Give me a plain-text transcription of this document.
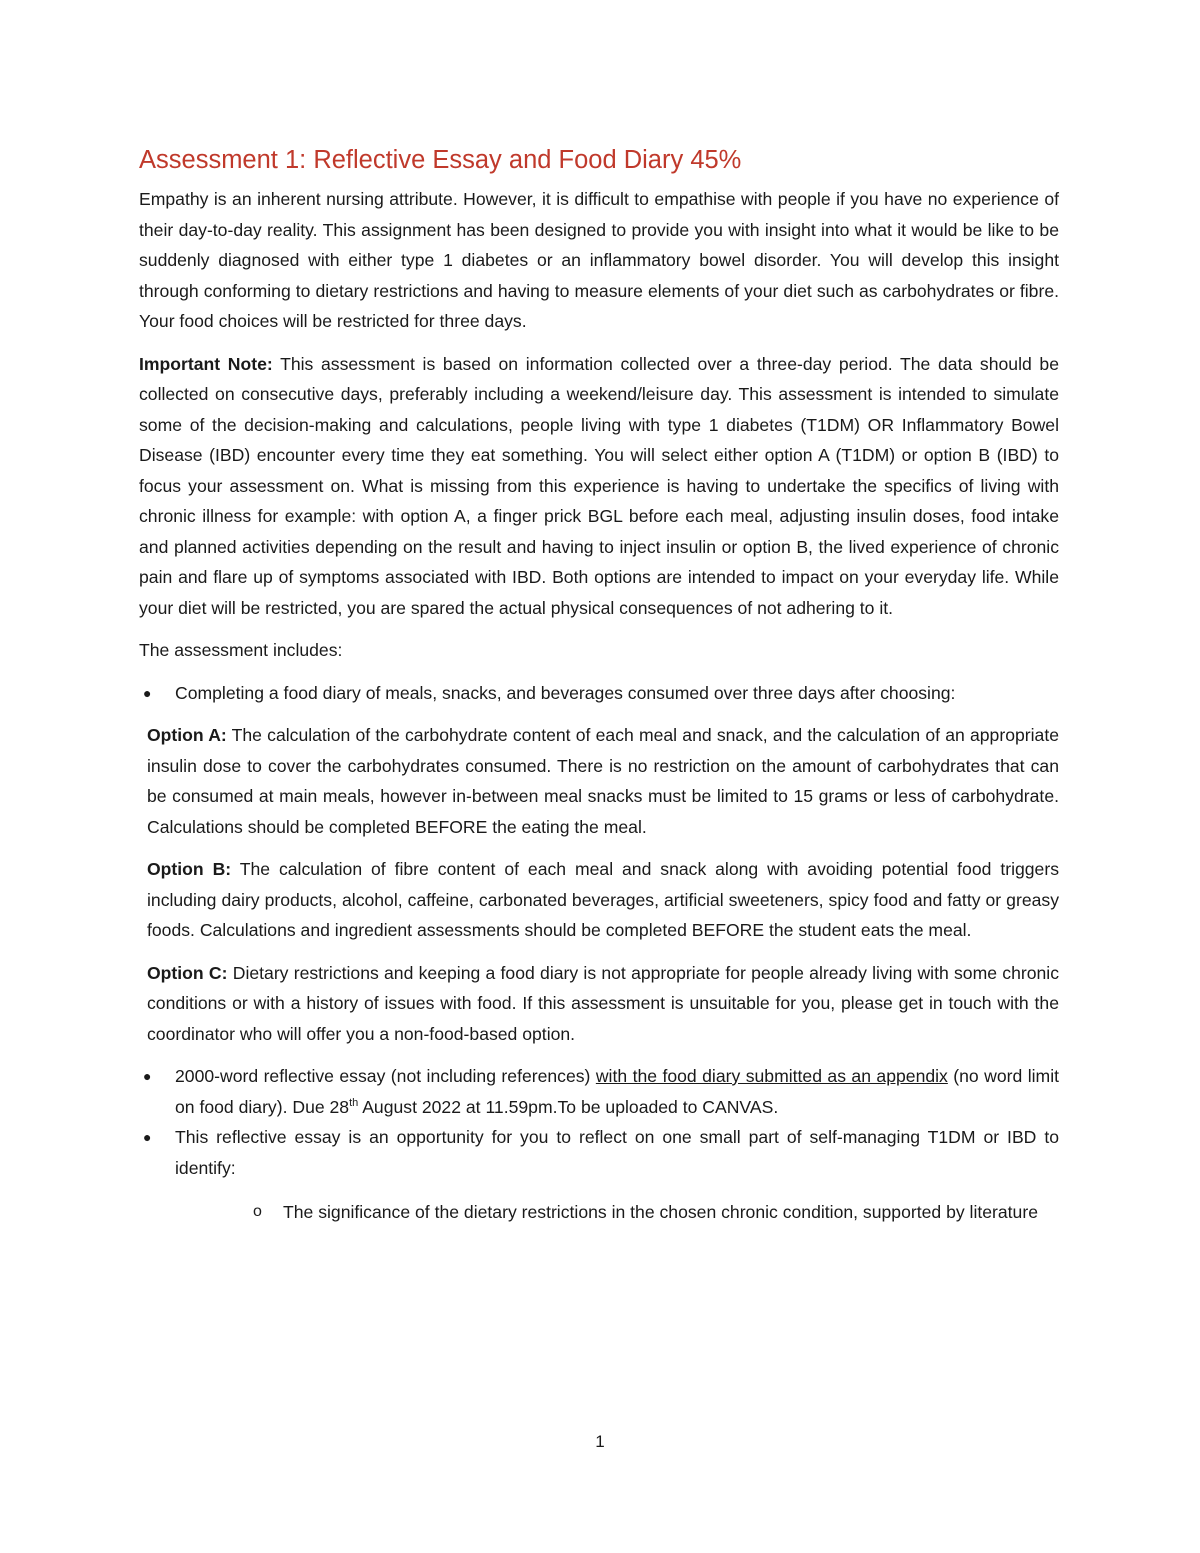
Assessment 1: Reflective Essay and Food Diary 45%

Empathy is an inherent nursing attribute. However, it is difficult to empathise with people if you have no experience of their day-to-day reality. This assignment has been designed to provide you with insight into what it would be like to be suddenly diagnosed with either type 1 diabetes or an inflammatory bowel disorder. You will develop this insight through conforming to dietary restrictions and having to measure elements of your diet such as carbohydrates or fibre. Your food choices will be restricted for three days.

Important Note: This assessment is based on information collected over a three-day period. The data should be collected on consecutive days, preferably including a weekend/leisure day. This assessment is intended to simulate some of the decision-making and calculations, people living with type 1 diabetes (T1DM) OR Inflammatory Bowel Disease (IBD) encounter every time they eat something. You will select either option A (T1DM) or option B (IBD) to focus your assessment on. What is missing from this experience is having to undertake the specifics of living with chronic illness for example: with option A, a finger prick BGL before each meal, adjusting insulin doses, food intake and planned activities depending on the result and having to inject insulin or option B, the lived experience of chronic pain and flare up of symptoms associated with IBD. Both options are intended to impact on your everyday life. While your diet will be restricted, you are spared the actual physical consequences of not adhering to it.

The assessment includes:

● Completing a food diary of meals, snacks, and beverages consumed over three days after choosing:

Option A: The calculation of the carbohydrate content of each meal and snack, and the calculation of an appropriate insulin dose to cover the carbohydrates consumed. There is no restriction on the amount of carbohydrates that can be consumed at main meals, however in-between meal snacks must be limited to 15 grams or less of carbohydrate. Calculations should be completed BEFORE the eating the meal.

Option B: The calculation of fibre content of each meal and snack along with avoiding potential food triggers including dairy products, alcohol, caffeine, carbonated beverages, artificial sweeteners, spicy food and fatty or greasy foods. Calculations and ingredient assessments should be completed BEFORE the student eats the meal.

Option C: Dietary restrictions and keeping a food diary is not appropriate for people already living with some chronic conditions or with a history of issues with food. If this assessment is unsuitable for you, please get in touch with the coordinator who will offer you a non-food-based option.

● 2000-word reflective essay (not including references) with the food diary submitted as an appendix (no word limit on food diary). Due 28th August 2022 at 11.59pm.To be uploaded to CANVAS.
● This reflective essay is an opportunity for you to reflect on one small part of self-managing T1DM or IBD to identify:
o The significance of the dietary restrictions in the chosen chronic condition, supported by literature
1
